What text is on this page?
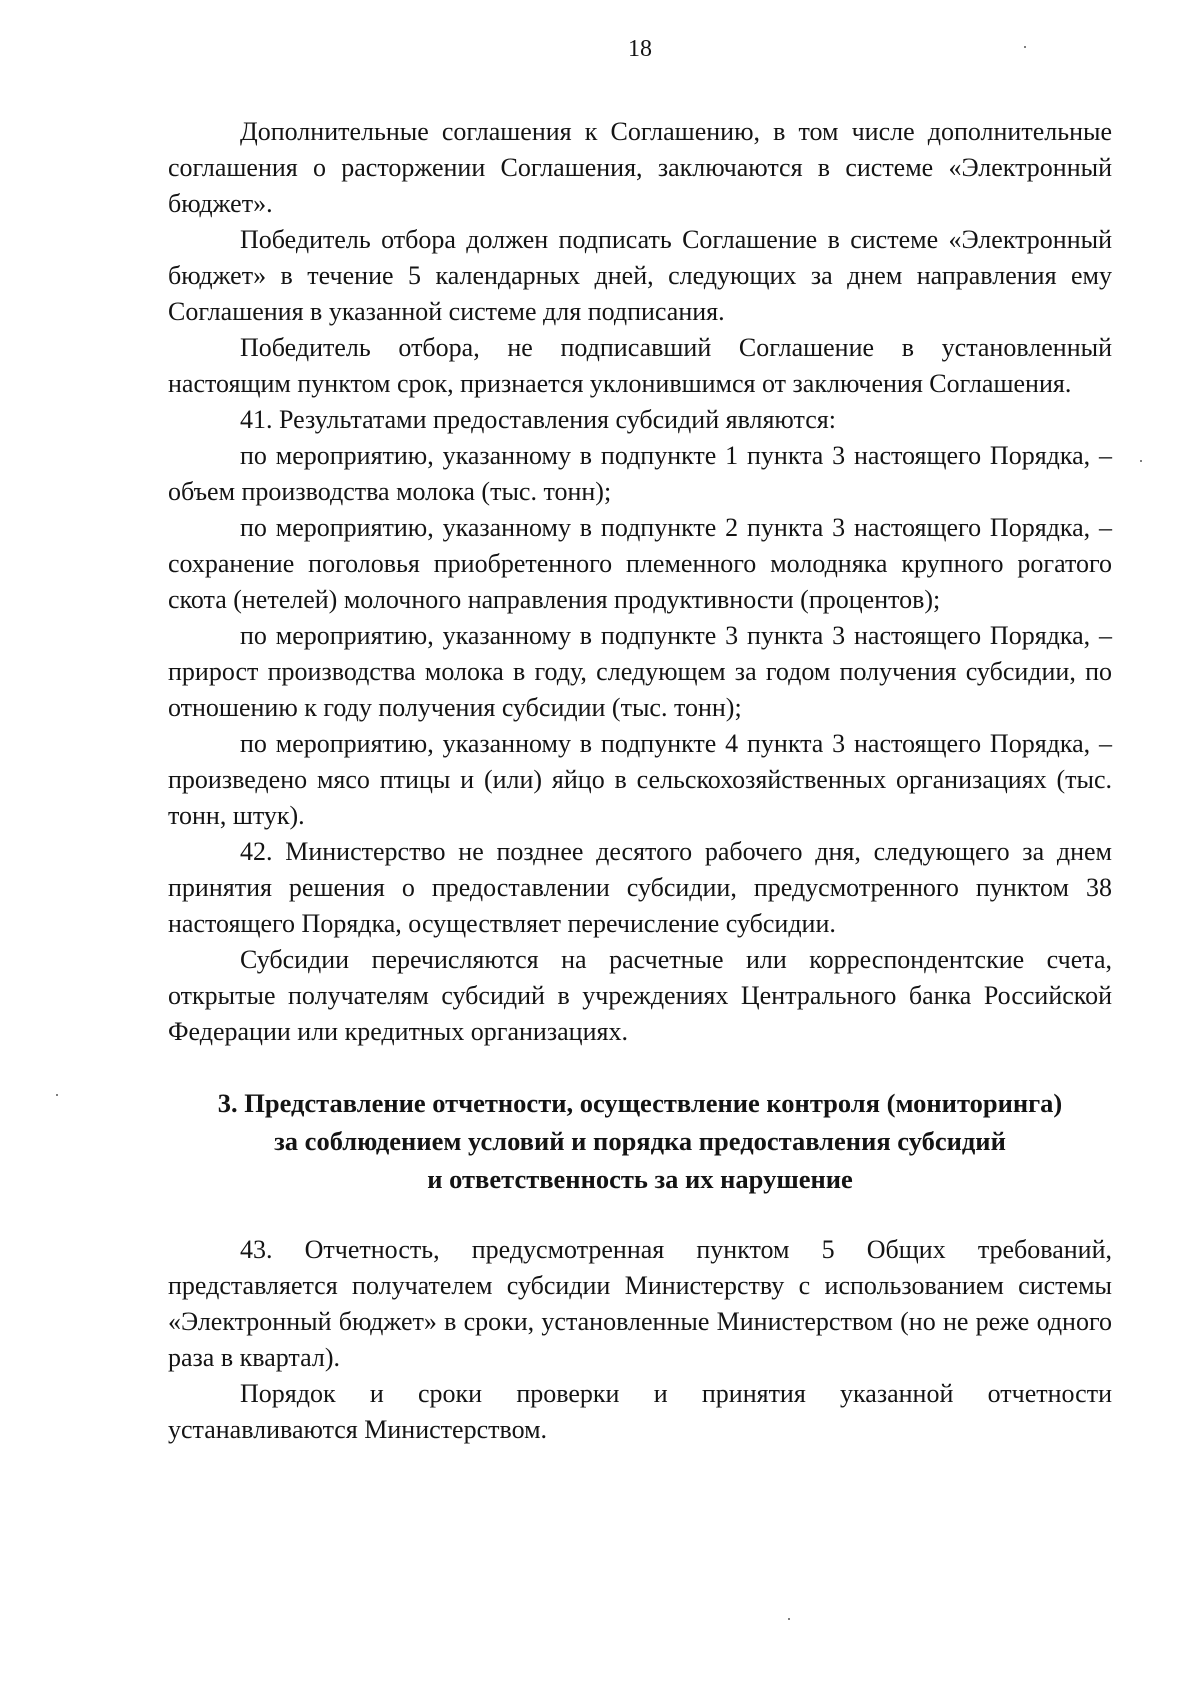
18

Дополнительные соглашения к Соглашению, в том числе дополнительные соглашения о расторжении Соглашения, заключаются в системе «Электронный бюджет».

Победитель отбора должен подписать Соглашение в системе «Электронный бюджет» в течение 5 календарных дней, следующих за днем направления ему Соглашения в указанной системе для подписания.

Победитель отбора, не подписавший Соглашение в установленный настоящим пунктом срок, признается уклонившимся от заключения Соглашения.

41. Результатами предоставления субсидий являются:

по мероприятию, указанному в подпункте 1 пункта 3 настоящего Порядка, – объем производства молока (тыс. тонн);

по мероприятию, указанному в подпункте 2 пункта 3 настоящего Порядка, – сохранение поголовья приобретенного племенного молодняка крупного рогатого скота (нетелей) молочного направления продуктивности (процентов);

по мероприятию, указанному в подпункте 3 пункта 3 настоящего Порядка, – прирост производства молока в году, следующем за годом получения субсидии, по отношению к году получения субсидии (тыс. тонн);

по мероприятию, указанному в подпункте 4 пункта 3 настоящего Порядка, – произведено мясо птицы и (или) яйцо в сельскохозяйственных организациях (тыс. тонн, штук).

42. Министерство не позднее десятого рабочего дня, следующего за днем принятия решения о предоставлении субсидии, предусмотренного пунктом 38 настоящего Порядка, осуществляет перечисление субсидии.

Субсидии перечисляются на расчетные или корреспондентские счета, открытые получателям субсидий в учреждениях Центрального банка Российской Федерации или кредитных организациях.

3. Представление отчетности, осуществление контроля (мониторинга)
за соблюдением условий и порядка предоставления субсидий
и ответственность за их нарушение

43. Отчетность, предусмотренная пунктом 5 Общих требований, представляется получателем субсидии Министерству с использованием системы «Электронный бюджет» в сроки, установленные Министерством (но не реже одного раза в квартал).

Порядок и сроки проверки и принятия указанной отчетности устанавливаются Министерством.
